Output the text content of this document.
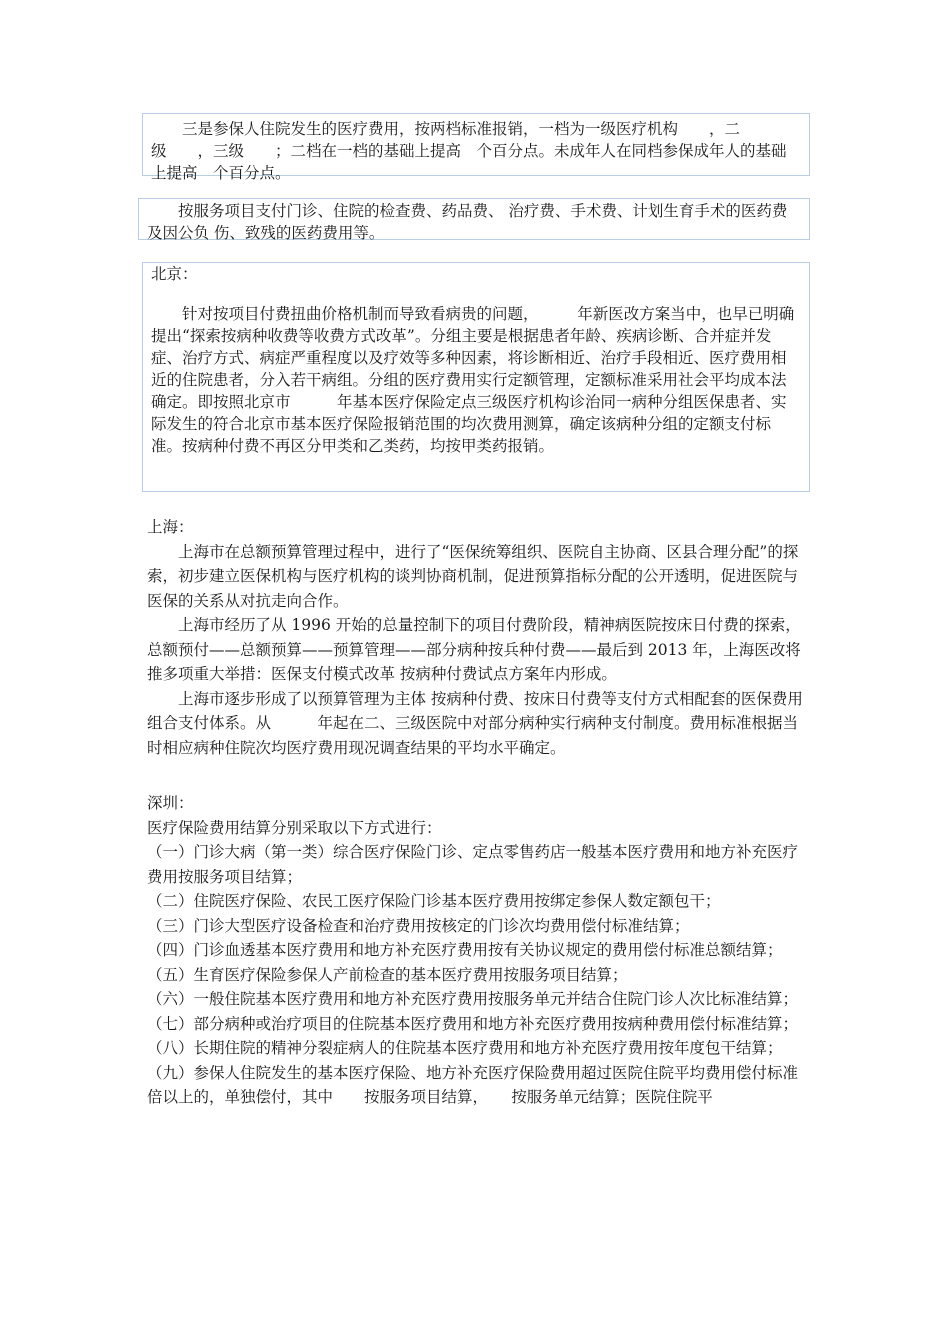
三是参保人住院发生的医疗费用，按两档标准报销，一档为一级医疗机构　　，二级　　，三级　　；二档在一档的基础上提高　个百分点。未成年人在同档参保成年人的基础上提高　个百分点。

按服务项目支付门诊、住院的检查费、药品费、 治疗费、手术费、计划生育手术的医药费及因公负 伤、致残的医药费用等。

北京：

针对按项目付费扭曲价格机制而导致看病贵的问题，　　　年新医改方案当中，也早已明确提出“探索按病种收费等收费方式改革”。分组主要是根据患者年龄、疾病诊断、合并症并发症、治疗方式、病症严重程度以及疗效等多种因素，将诊断相近、治疗手段相近、医疗费用相近的住院患者，分入若干病组。分组的医疗费用实行定额管理，定额标准采用社会平均成本法确定。即按照北京市　　　年基本医疗保险定点三级医疗机构诊治同一病种分组医保患者、实际发生的符合北京市基本医疗保险报销范围的均次费用测算，确定该病种分组的定额支付标准。按病种付费不再区分甲类和乙类药，均按甲类药报销。

上海：

上海市在总额预算管理过程中，进行了“医保统筹组织、医院自主协商、区县合理分配”的探索，初步建立医保机构与医疗机构的谈判协商机制，促进预算指标分配的公开透明，促进医院与医保的关系从对抗走向合作。

上海市经历了从 1996 开始的总量控制下的项目付费阶段，精神病医院按床日付费的探索，总额预付——总额预算——预算管理——部分病种按兵种付费——最后到 2013 年，上海医改将推多项重大举措：医保支付模式改革 按病种付费试点方案年内形成。

上海市逐步形成了以预算管理为主体 按病种付费、按床日付费等支付方式相配套的医保费用组合支付体系。从　　　年起在二、三级医院中对部分病种实行病种支付制度。费用标准根据当时相应病种住院次均医疗费用现况调查结果的平均水平确定。

深圳：

医疗保险费用结算分别采取以下方式进行：

（一）门诊大病（第一类）综合医疗保险门诊、定点零售药店一般基本医疗费用和地方补充医疗费用按服务项目结算；

（二）住院医疗保险、农民工医疗保险门诊基本医疗费用按绑定参保人数定额包干；

（三）门诊大型医疗设备检查和治疗费用按核定的门诊次均费用偿付标准结算；

（四）门诊血透基本医疗费用和地方补充医疗费用按有关协议规定的费用偿付标准总额结算；

（五）生育医疗保险参保人产前检查的基本医疗费用按服务项目结算；

（六）一般住院基本医疗费用和地方补充医疗费用按服务单元并结合住院门诊人次比标准结算；

（七）部分病种或治疗项目的住院基本医疗费用和地方补充医疗费用按病种费用偿付标准结算；

（八）长期住院的精神分裂症病人的住院基本医疗费用和地方补充医疗费用按年度包干结算；

（九）参保人住院发生的基本医疗保险、地方补充医疗保险费用超过医院住院平均费用偿付标准　倍以上的，单独偿付，其中　　按服务项目结算，　　按服务单元结算；医院住院平
